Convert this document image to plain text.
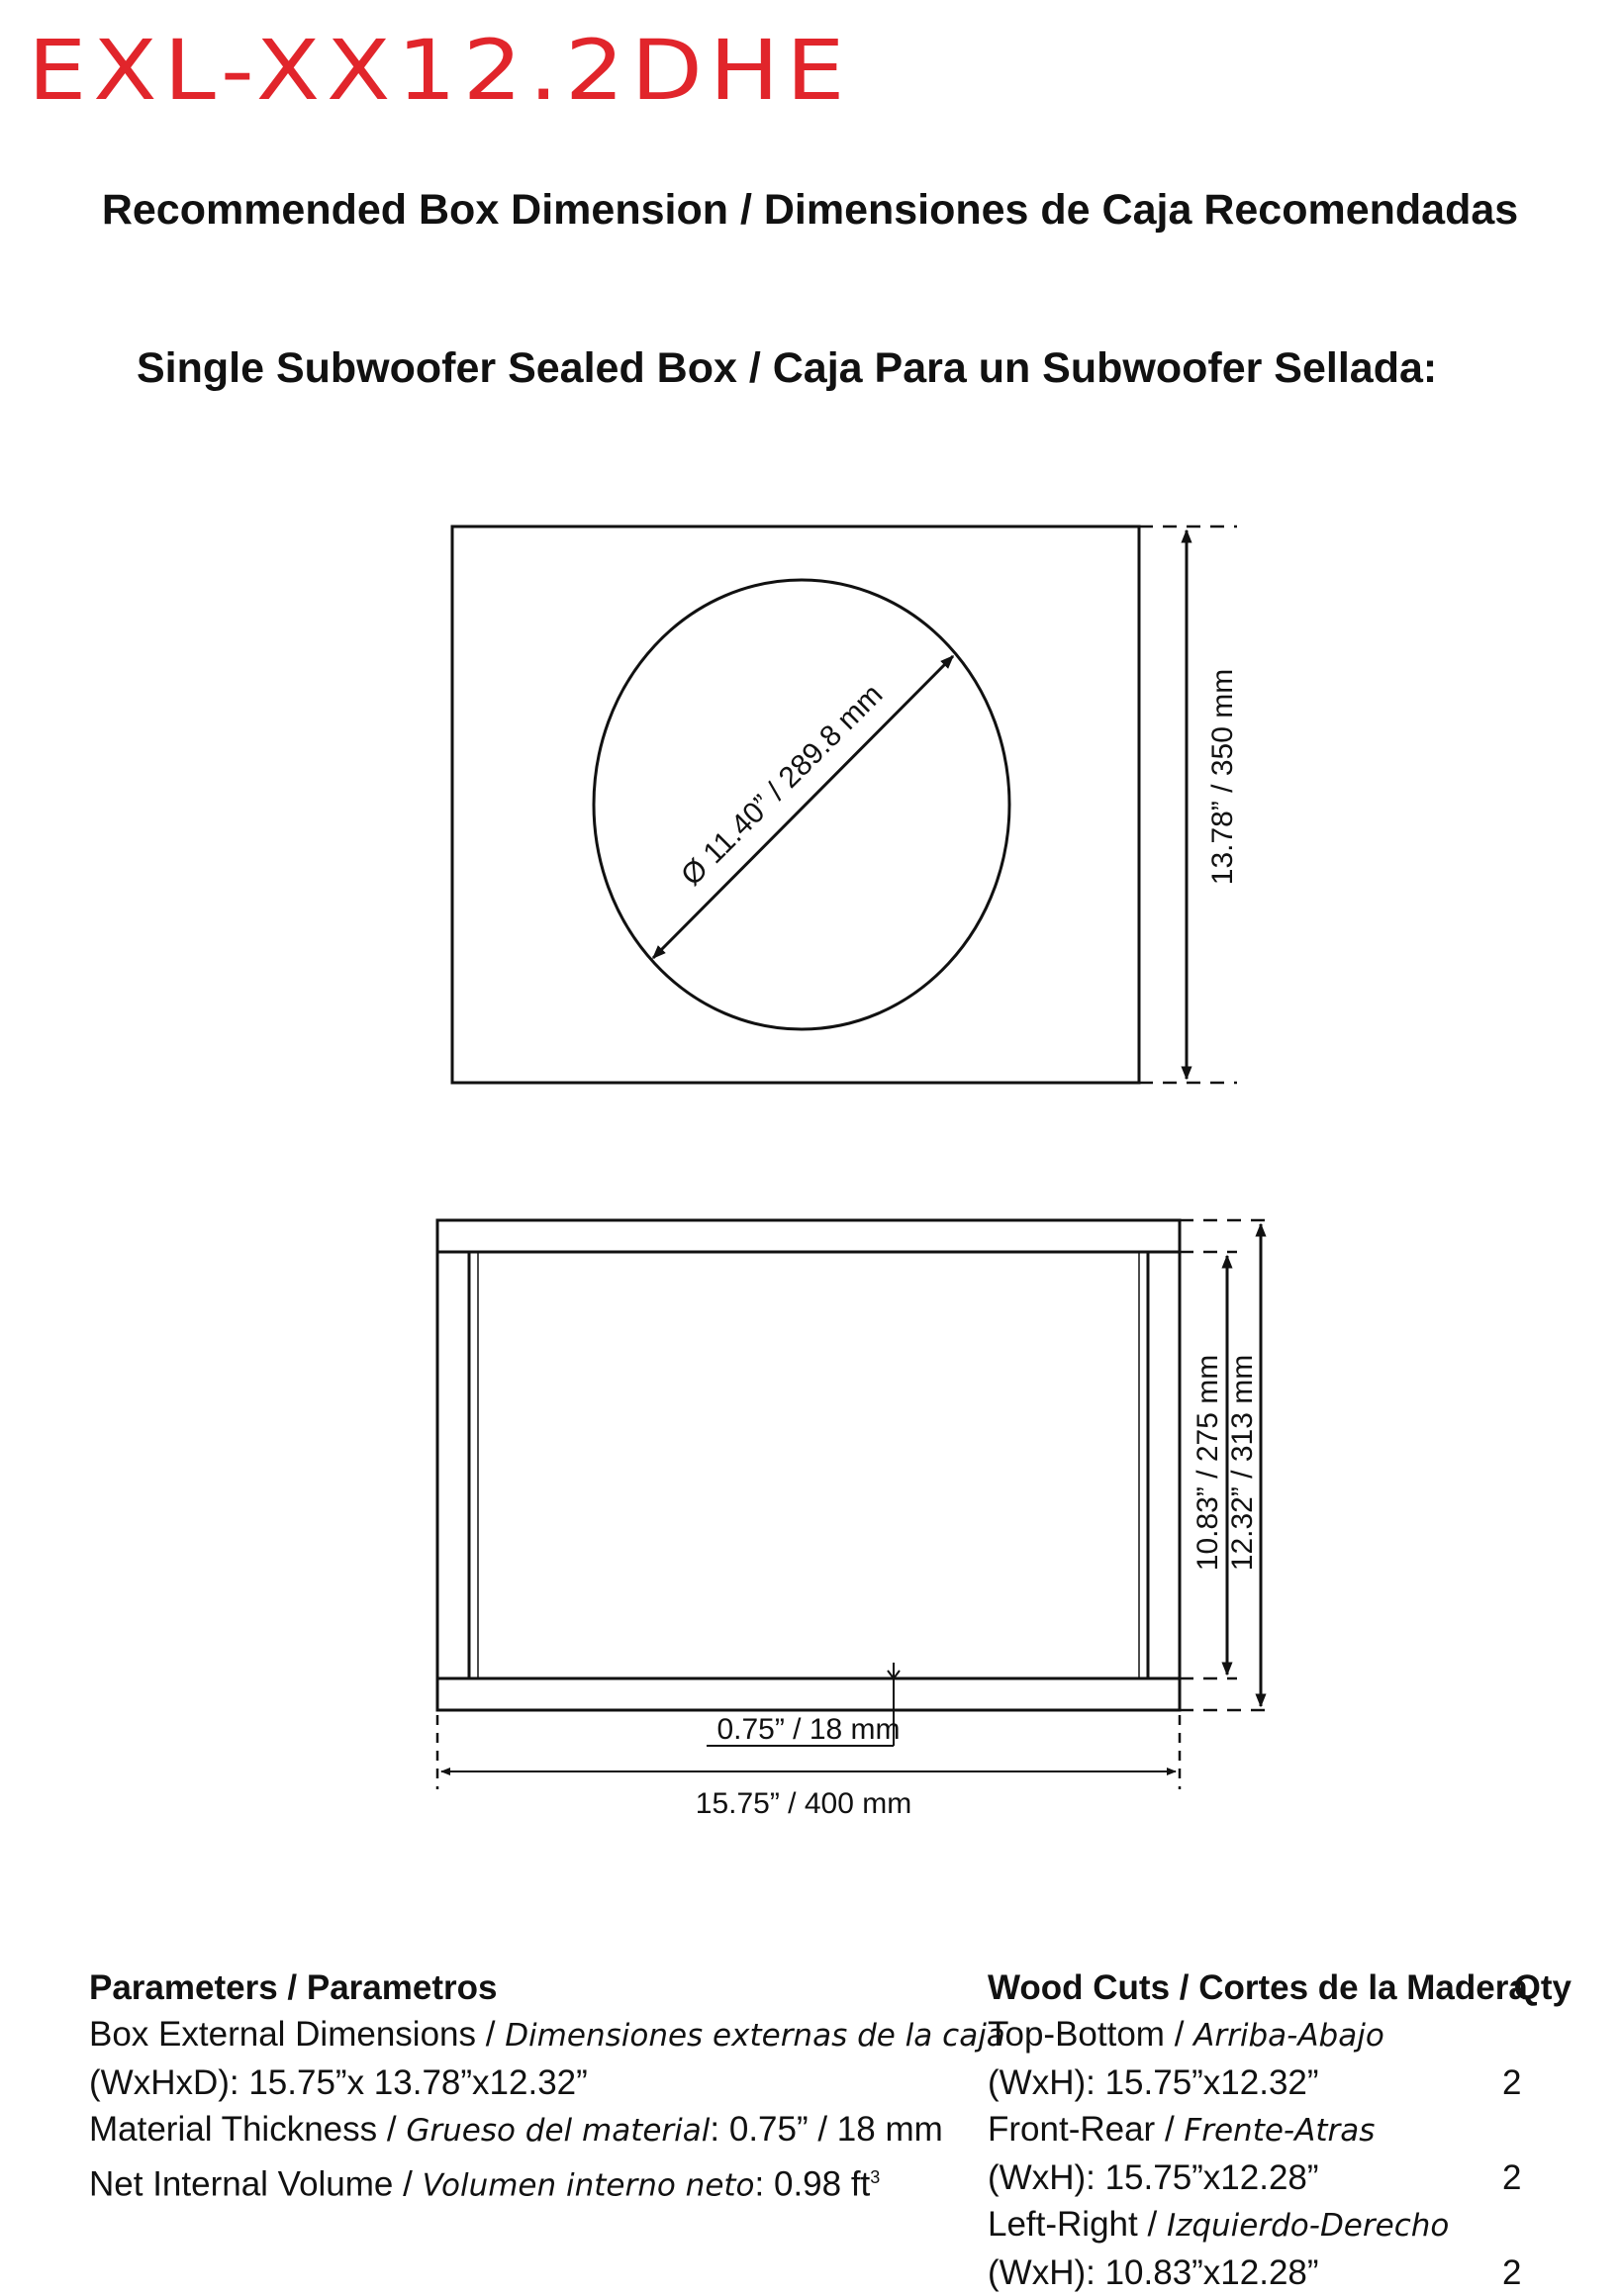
EXL-XX12.2DHE
Recommended Box Dimension / Dimensiones de Caja Recomendadas
Single Subwoofer Sealed Box / Caja Para un Subwoofer Sellada:
Ø 11.40” / 289.8 mm	13.78” / 350 mm
10.83” / 275 mm 12.32” / 313 mm
0.75” / 18 mm
15.75” / 400 mm
Parameters / Parametros
Box External Dimensions / Dimensiones externas de la caja
(WxHxD): 15.75”x 13.78”x12.32”
Material Thickness / Grueso del material: 0.75” / 18 mm
Net Internal Volume / Volumen interno neto: 0.98 $ft^3$
Wood Cuts / Cortes de la Madera
Qty
Top-Bottom / Arriba-Abajo
(WxH): 15.75”x12.32”	2
Front-Rear / Frente-Atras
(WxH): 15.75”x12.28”	2
Left-Right / Izquierdo-Derecho
(WxH): 10.83”x12.28”	2
